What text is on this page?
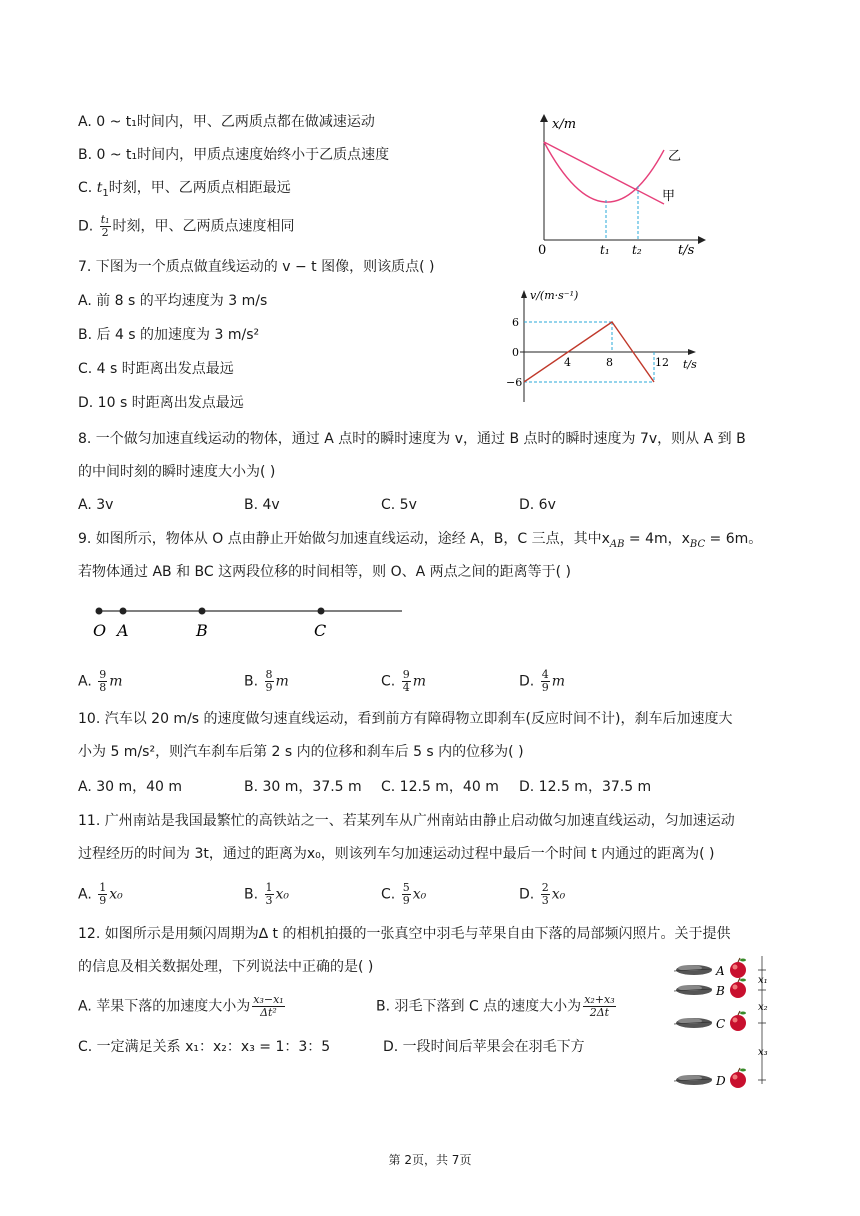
A. 0 ~ t₁时间内，甲、乙两质点都在做减速运动
B. 0 ~ t₁时间内，甲质点速度始终小于乙质点速度
C. $t_1$时刻，甲、乙两质点相距最远
D. $\frac{\text{t₁}}{2}$ 时刻，甲、乙两质点速度相同
x/m
t/s
0	t₁ t₂
乙
甲
7. 下图为一个质点做直线运动的 v − t 图像，则该质点( )
A. 前 8 s 的平均速度为 3 m/s
B. 后 4 s 的加速度为 3 m/s²
C. 4 s 时距离出发点最远
D. 10 s 时距离出发点最远
v/(m·s⁻¹)
t/s
6
0
−6
4	8	12
8. 一个做匀加速直线运动的物体，通过 A 点时的瞬时速度为 v，通过 B 点时的瞬时速度为 7v，则从 A 到 B
的中间时刻的瞬时速度大小为( )
A. 3v	B. 4v	C. 5v	D. 6v
9. 如图所示，物体从 O 点由静止开始做匀加速直线运动，途经 A，B，C 三点，其中$x_{AB} = 4m$，$x_{BC} = 6m$。
若物体通过 AB 和 BC 这两段位移的时间相等，则 O、A 两点之间的距离等于( )
O A	B	C
A. $\frac{9}{8}$ m	B. $\frac{8}{9}$ m	C. $\frac{9}{4}$ m	D. $\frac{4}{9}$ m
10. 汽车以 20 m/s 的速度做匀速直线运动，看到前方有障碍物立即刹车(反应时间不计)，刹车后加速度大
小为 5 m/s²，则汽车刹车后第 2 s 内的位移和刹车后 5 s 内的位移为( )
A. 30 m，40 m	B. 30 m，37.5 m C. 12.5 m，40 m D. 12.5 m，37.5 m
11. 广州南站是我国最繁忙的高铁站之一、若某列车从广州南站由静止启动做匀加速直线运动，匀加速运动
过程经历的时间为 3t，通过的距离为x₀，则该列车匀加速运动过程中最后一个时间 t 内通过的距离为( )
A. $\frac{1}{9} x_0$	B. $\frac{1}{3} x_0$	C. $\frac{5}{9} x_0$	D. $\frac{2}{3} x_0$
12. 如图所示是用频闪周期为∆ t 的相机拍摄的一张真空中羽毛与苹果自由下落的局部频闪照片。关于提供
的信息及相关数据处理，下列说法中正确的是( )
A. 苹果下落的加速度大小为 $\frac{\text{x₃−x₁}}{\text{Δt²}}$	B. 羽毛下落到 C 点的速度大小为 $\frac{\text{x₂+x₃}}{2\Delta t}$
C. 一定满足关系 x₁：x₂：x₃ = 1：3：5	D. 一段时间后苹果会在羽毛下方
A
B
C
D
x₁
x₂
x₃
第 2页，共 7页
